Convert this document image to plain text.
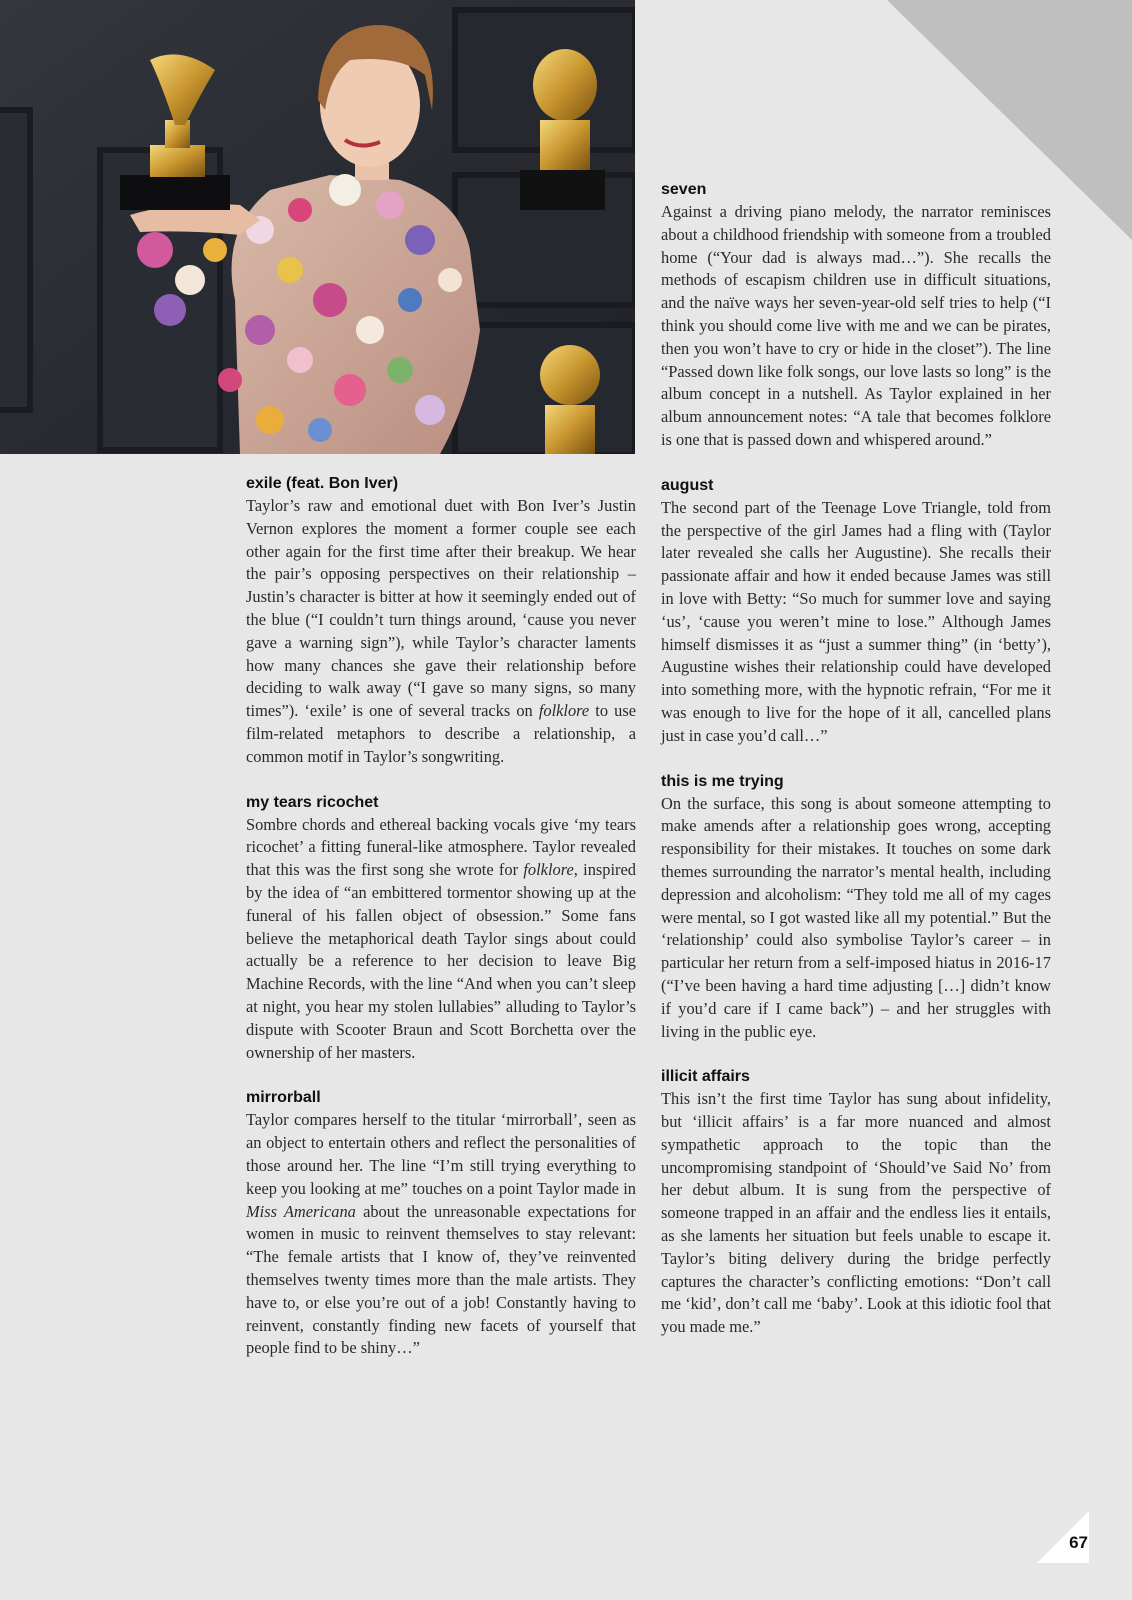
exile (feat. Bon Iver)

Taylor’s raw and emotional duet with Bon Iver’s Justin Vernon explores the moment a former couple see each other again for the first time after their breakup. We hear the pair’s opposing perspectives on their relationship – Justin’s character is bitter at how it seemingly ended out of the blue (“I couldn’t turn things around, ‘cause you never gave a warning sign”), while Taylor’s character laments how many chances she gave their relationship before deciding to walk away (“I gave so many signs, so many times”). ‘exile’ is one of several tracks on folklore to use film-related metaphors to describe a relationship, a common motif in Taylor’s songwriting.

my tears ricochet

Sombre chords and ethereal backing vocals give ‘my tears ricochet’ a fitting funeral-like atmosphere. Taylor revealed that this was the first song she wrote for folklore, inspired by the idea of “an embittered tormentor showing up at the funeral of his fallen object of obsession.” Some fans believe the metaphorical death Taylor sings about could actually be a reference to her decision to leave Big Machine Records, with the line “And when you can’t sleep at night, you hear my stolen lullabies” alluding to Taylor’s dispute with Scooter Braun and Scott Borchetta over the ownership of her masters.

mirrorball

Taylor compares herself to the titular ‘mirrorball’, seen as an object to entertain others and reflect the personalities of those around her. The line “I’m still trying everything to keep you looking at me” touches on a point Taylor made in Miss Americana about the unreasonable expectations for women in music to reinvent themselves to stay relevant: “The female artists that I know of, they’ve reinvented themselves twenty times more than the male artists. They have to, or else you’re out of a job! Constantly having to reinvent, constantly finding new facets of yourself that people find to be shiny…”

seven

Against a driving piano melody, the narrator reminisces about a childhood friendship with someone from a troubled home (“Your dad is always mad…”). She recalls the methods of escapism children use in difficult situations, and the naïve ways her seven-year-old self tries to help (“I think you should come live with me and we can be pirates, then you won’t have to cry or hide in the closet”). The line “Passed down like folk songs, our love lasts so long” is the album concept in a nutshell. As Taylor explained in her album announcement notes: “A tale that becomes folklore is one that is passed down and whispered around.”

august

The second part of the Teenage Love Triangle, told from the perspective of the girl James had a fling with (Taylor later revealed she calls her Augustine). She recalls their passionate affair and how it ended because James was still in love with Betty: “So much for summer love and saying ‘us’, ‘cause you weren’t mine to lose.” Although James himself dismisses it as “just a summer thing” (in ‘betty’), Augustine wishes their relationship could have developed into something more, with the hypnotic refrain, “For me it was enough to live for the hope of it all, cancelled plans just in case you’d call…”

this is me trying

On the surface, this song is about someone attempting to make amends after a relationship goes wrong, accepting responsibility for their mistakes. It touches on some dark themes surrounding the narrator’s mental health, including depression and alcoholism: “They told me all of my cages were mental, so I got wasted like all my potential.” But the ‘relationship’ could also symbolise Taylor’s career – in particular her return from a self-imposed hiatus in 2016-17 (“I’ve been having a hard time adjusting […] didn’t know if you’d care if I came back”) – and her struggles with living in the public eye.

illicit affairs

This isn’t the first time Taylor has sung about infidelity, but ‘illicit affairs’ is a far more nuanced and almost sympathetic approach to the topic than the uncompromising standpoint of ‘Should’ve Said No’ from her debut album. It is sung from the perspective of someone trapped in an affair and the endless lies it entails, as she laments her situation but feels unable to escape it. Taylor’s biting delivery during the bridge perfectly captures the character’s conflicting emotions: “Don’t call me ‘kid’, don’t call me ‘baby’. Look at this idiotic fool that you made me.”

67
